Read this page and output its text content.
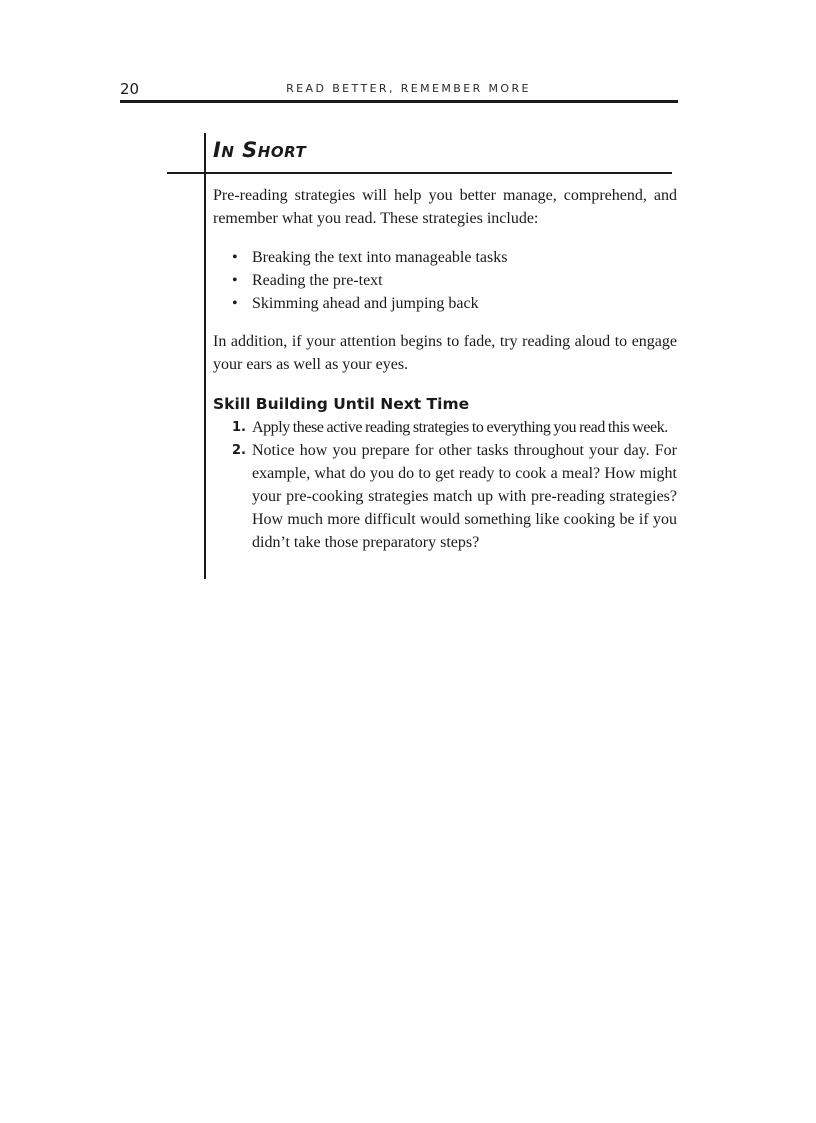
20	READ BETTER, REMEMBER MORE
In Short

Pre-reading strategies will help you better manage, comprehend, and remember what you read. These strategies include:

• Breaking the text into manageable tasks
• Reading the pre-text
• Skimming ahead and jumping back

In addition, if your attention begins to fade, try reading aloud to engage your ears as well as your eyes.

Skill Building Until Next Time
1. Apply these active reading strategies to everything you read this week.
2. Notice how you prepare for other tasks throughout your day. For example, what do you do to get ready to cook a meal? How might your pre-cooking strategies match up with pre-reading strategies? How much more difficult would something like cooking be if you didn’t take those preparatory steps?
